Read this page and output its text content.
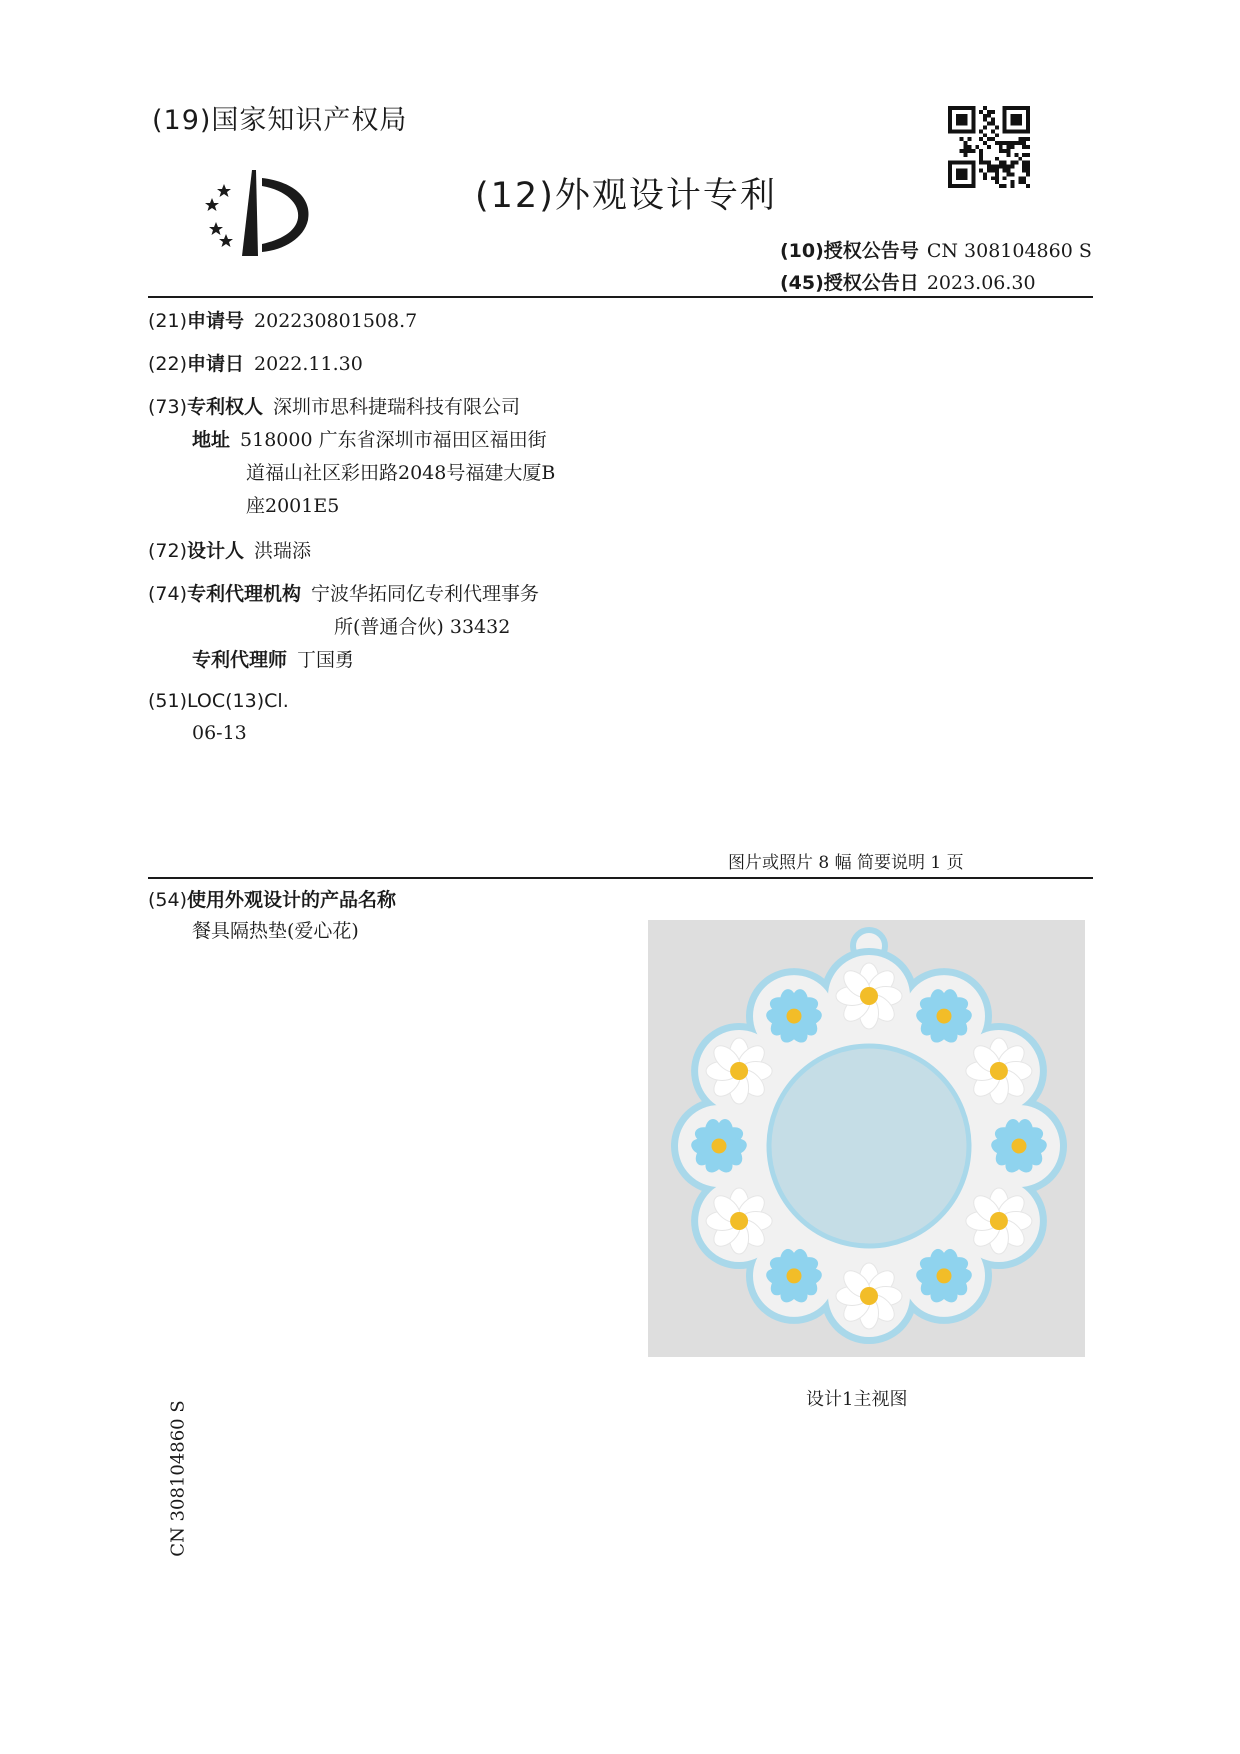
(19)国家知识产权局
(12)外观设计专利
(10)授权公告号 CN 308104860 S
(45)授权公告日 2023.06.30
(21)申请号 202230801508.7
(22)申请日 2022.11.30
(73)专利权人 深圳市思科捷瑞科技有限公司
地址 518000 广东省深圳市福田区福田街
道福山社区彩田路2048号福建大厦B
座2001E5
(72)设计人 洪瑞添
(74)专利代理机构 宁波华拓同亿专利代理事务
所(普通合伙) 33432
专利代理师 丁国勇
(51)LOC(13)Cl.
06-13
图片或照片 8 幅 简要说明 1 页
(54)使用外观设计的产品名称
餐具隔热垫(爱心花)
设计1主视图
CN 308104860 S
